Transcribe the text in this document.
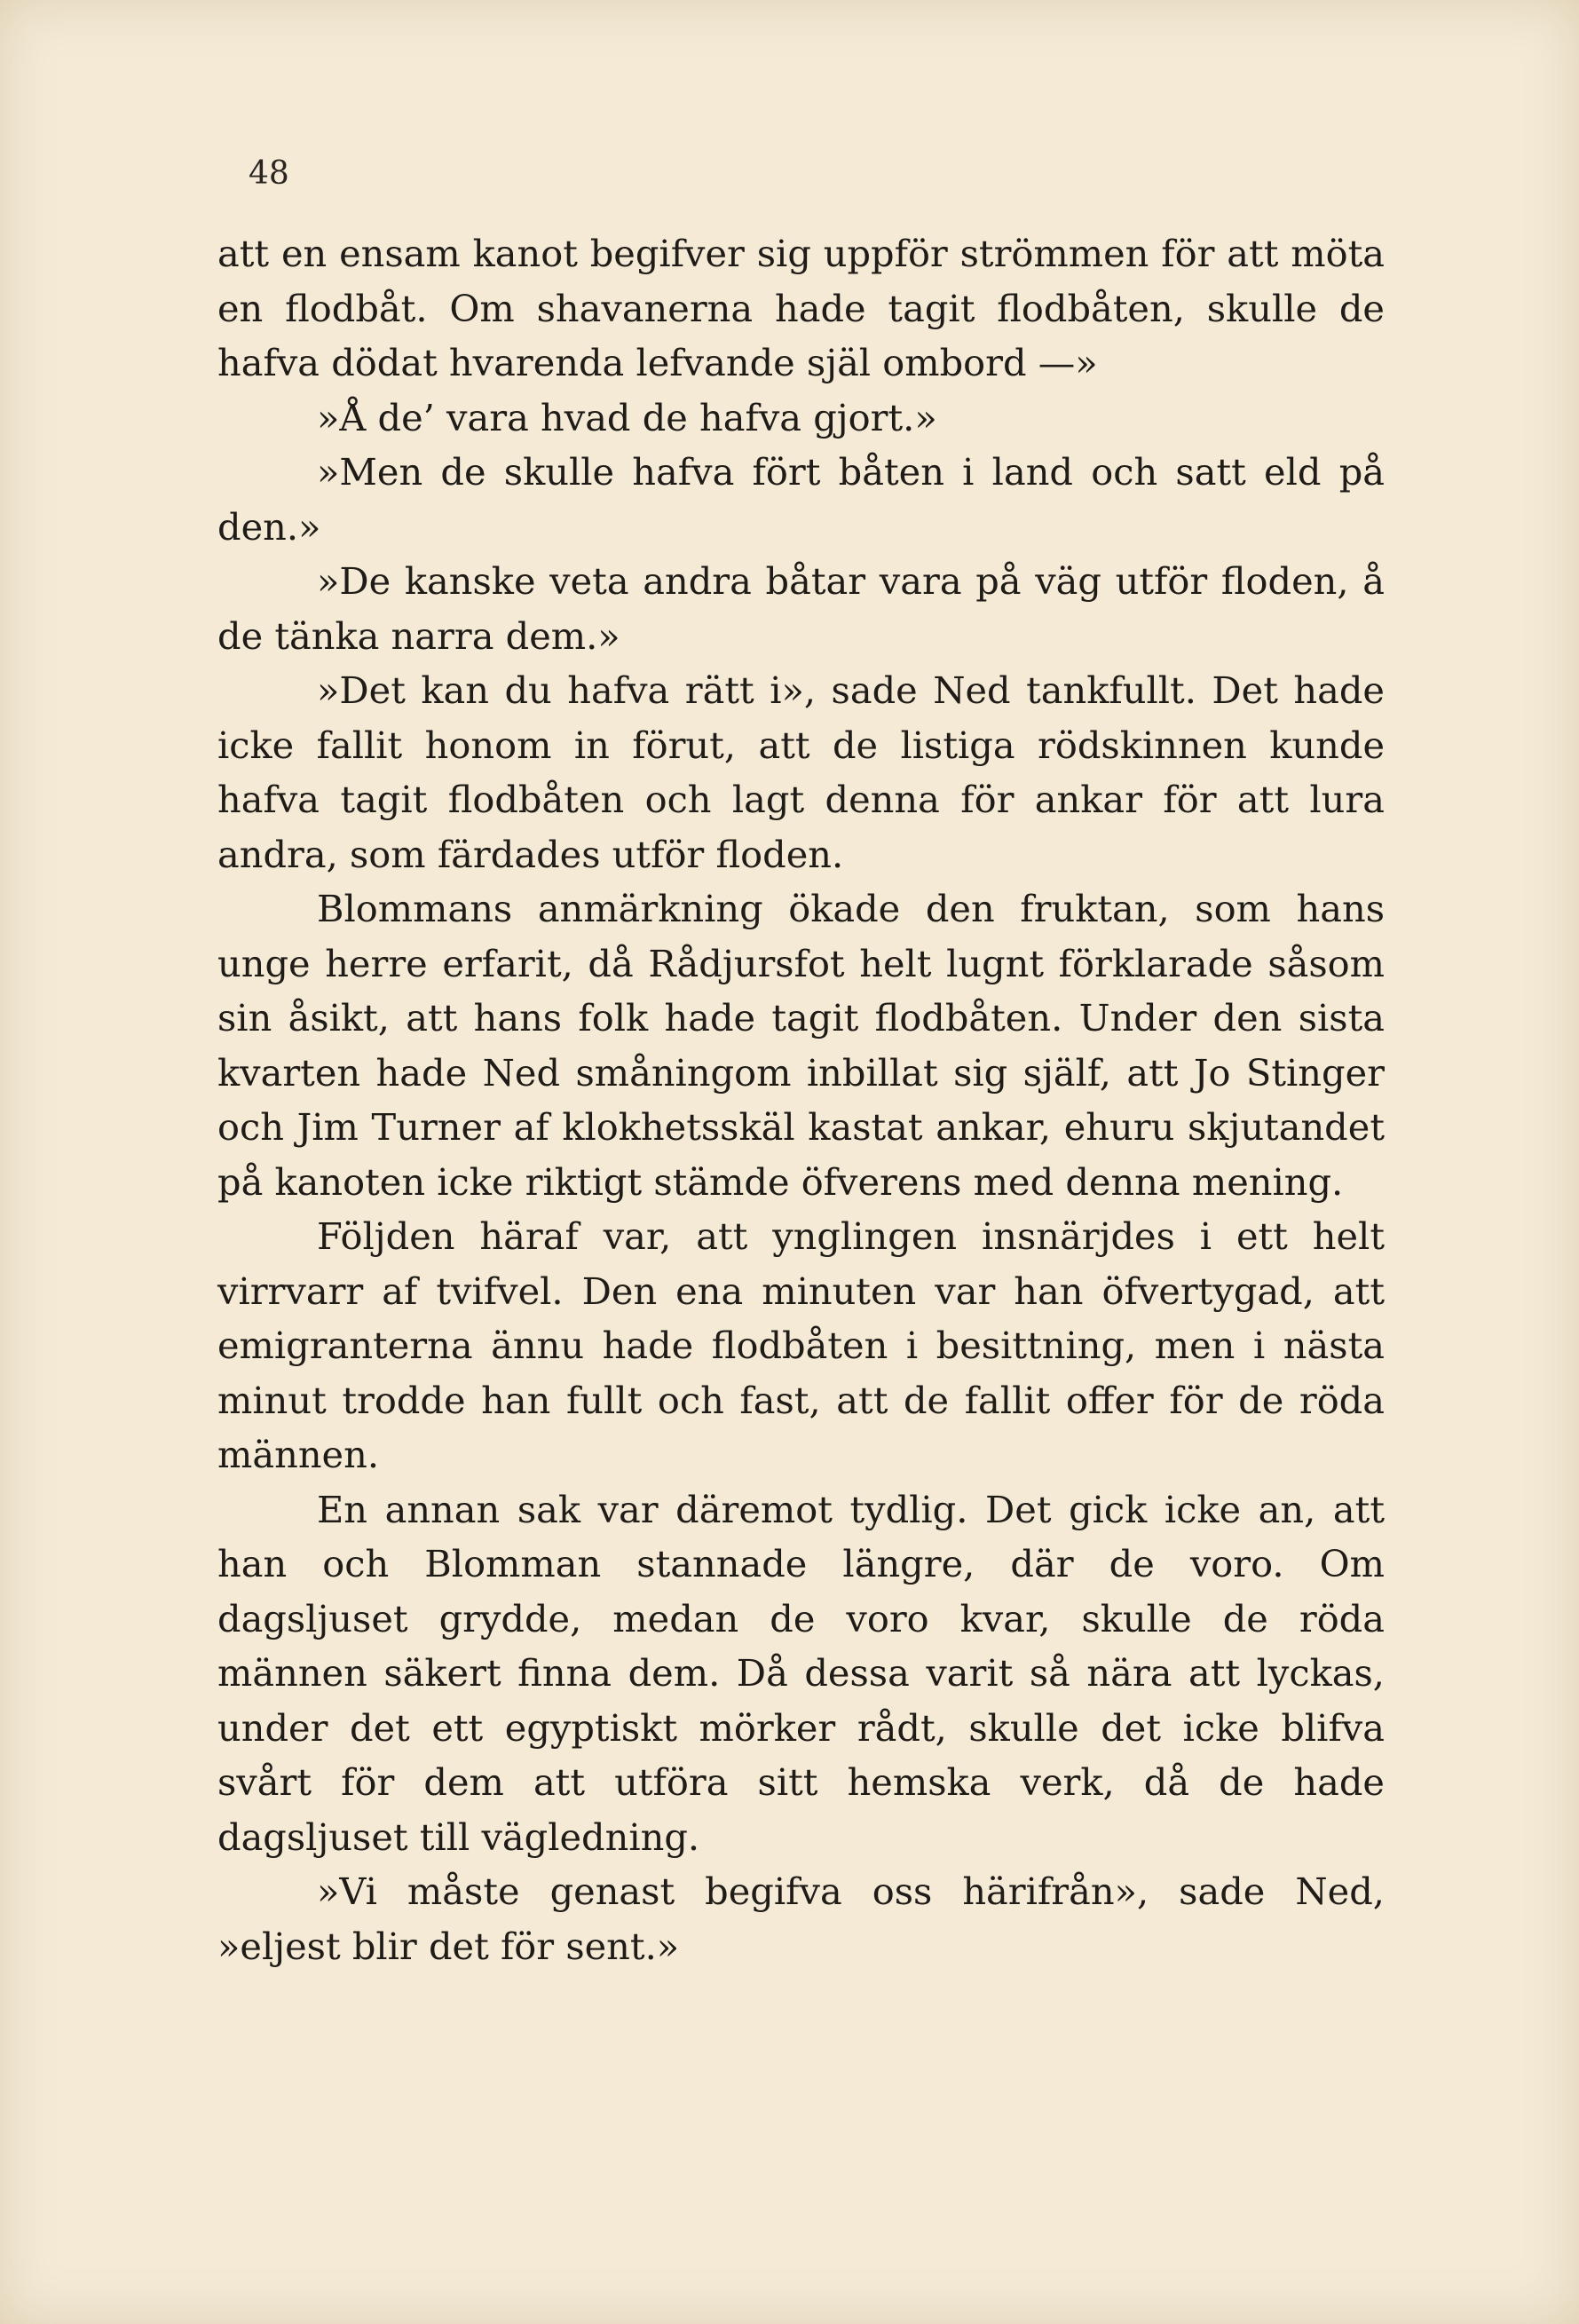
48

att en ensam kanot begifver sig uppför strömmen för att möta en flodbåt. Om shavanerna hade tagit flodbåten, skulle de hafva dödat hvarenda lefvande själ ombord —»

»Å de’ vara hvad de hafva gjort.»

»Men de skulle hafva fört båten i land och satt eld på den.»

»De kanske veta andra båtar vara på väg utför floden, å de tänka narra dem.»

»Det kan du hafva rätt i», sade Ned tankfullt. Det hade icke fallit honom in förut, att de listiga rödskinnen kunde hafva tagit flodbåten och lagt denna för ankar för att lura andra, som färdades utför floden.

Blommans anmärkning ökade den fruktan, som hans unge herre erfarit, då Rådjursfot helt lugnt förklarade såsom sin åsikt, att hans folk hade tagit flodbåten. Under den sista kvarten hade Ned småningom inbillat sig själf, att Jo Stinger och Jim Turner af klokhetsskäl kastat ankar, ehuru skjutandet på kanoten icke riktigt stämde öfverens med denna mening.

Följden häraf var, att ynglingen insnärjdes i ett helt virrvarr af tvifvel. Den ena minuten var han öfvertygad, att emigranterna ännu hade flodbåten i besittning, men i nästa minut trodde han fullt och fast, att de fallit offer för de röda männen.

En annan sak var däremot tydlig. Det gick icke an, att han och Blomman stannade längre, där de voro. Om dagsljuset grydde, medan de voro kvar, skulle de röda männen säkert finna dem. Då dessa varit så nära att lyckas, under det ett egyptiskt mörker rådt, skulle det icke blifva svårt för dem att utföra sitt hemska verk, då de hade dagsljuset till vägledning.

»Vi måste genast begifva oss härifrån», sade Ned, »eljest blir det för sent.»
